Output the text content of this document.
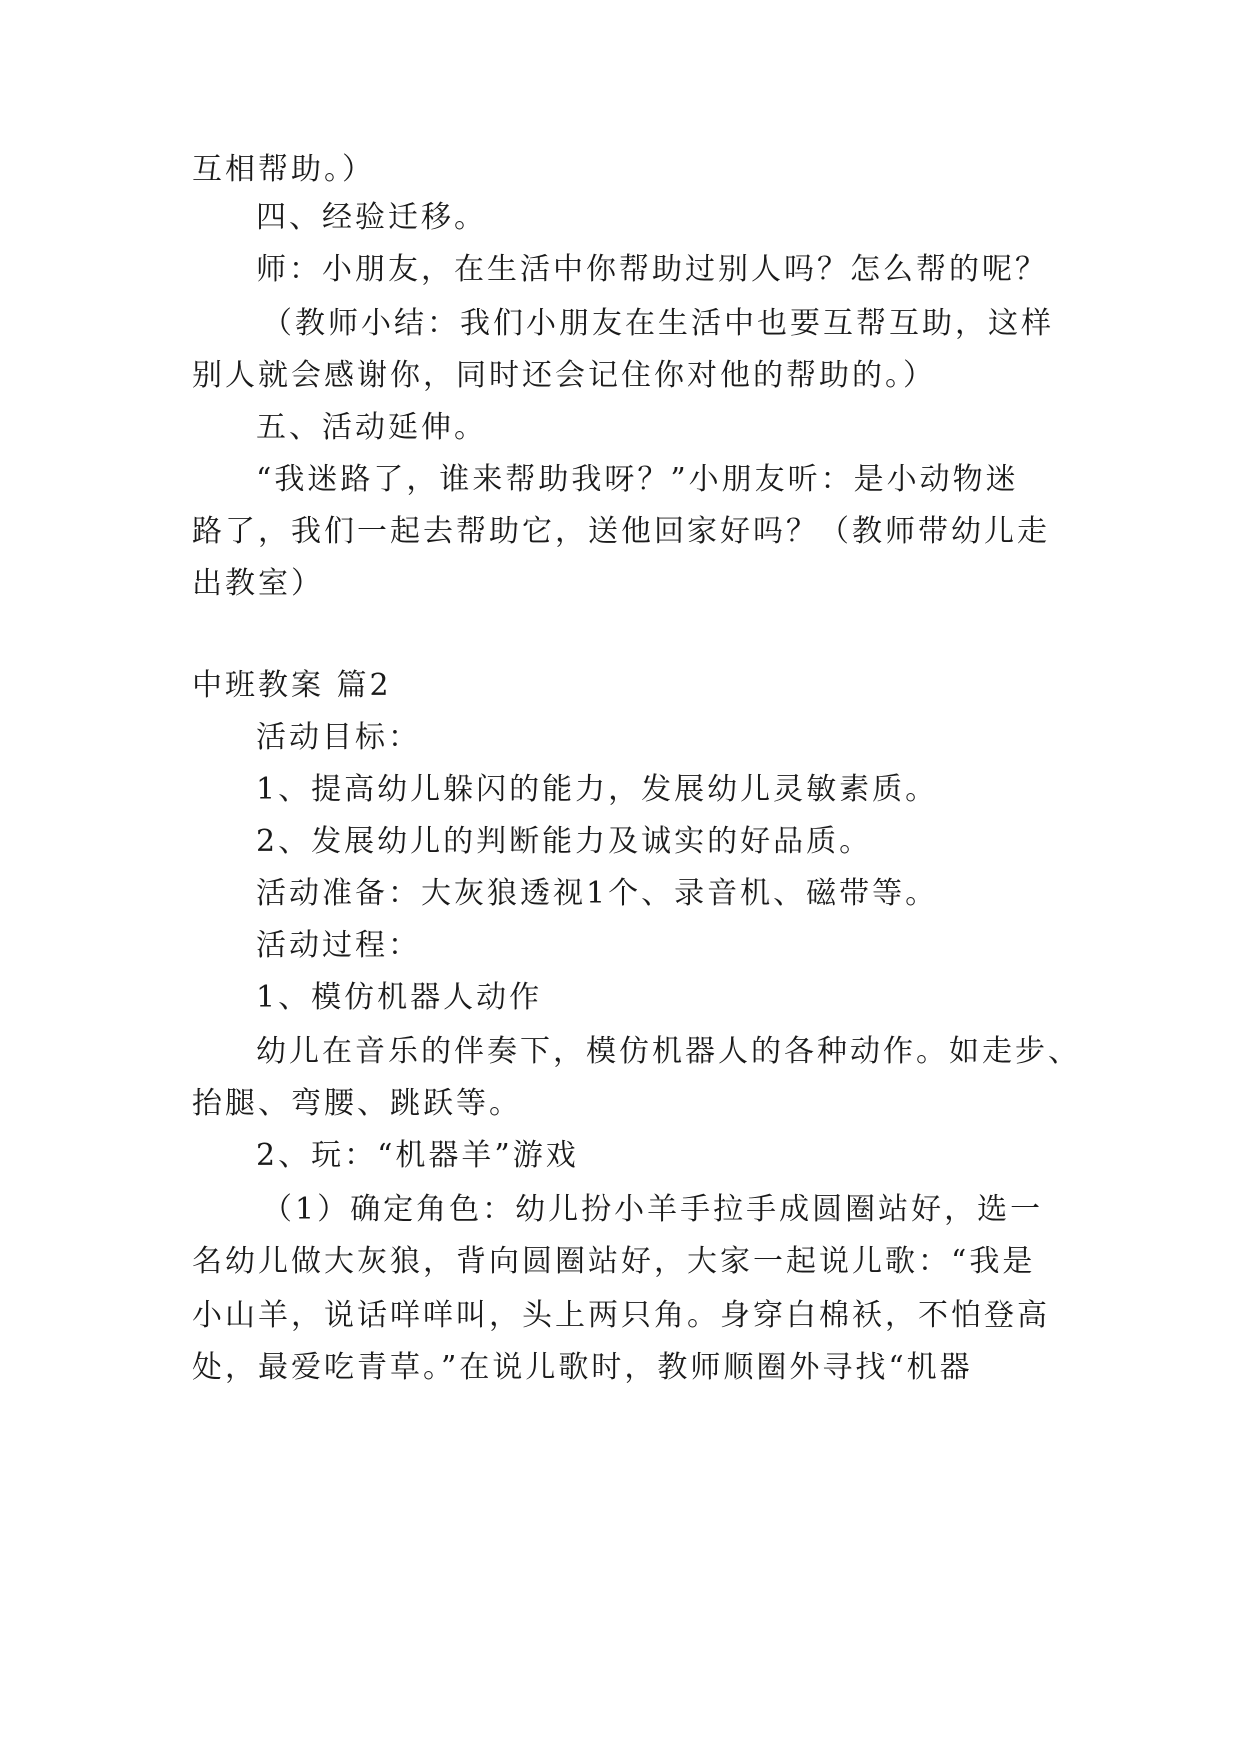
互相帮助。）
四、经验迁移。
师：小朋友，在生活中你帮助过别人吗？怎么帮的呢？
（教师小结：我们小朋友在生活中也要互帮互助，这样
别人就会感谢你，同时还会记住你对他的帮助的。）
五、活动延伸。
“我迷路了，谁来帮助我呀？”小朋友听：是小动物迷
路了，我们一起去帮助它，送他回家好吗？（教师带幼儿走
出教室）
中班教案 篇2
活动目标：
1、提高幼儿躲闪的能力，发展幼儿灵敏素质。
2、发展幼儿的判断能力及诚实的好品质。
活动准备：大灰狼透视1个、录音机、磁带等。
活动过程：
1、模仿机器人动作
幼儿在音乐的伴奏下，模仿机器人的各种动作。如走步、
抬腿、弯腰、跳跃等。
2、玩：“机器羊”游戏
（1）确定角色：幼儿扮小羊手拉手成圆圈站好，选一
名幼儿做大灰狼，背向圆圈站好，大家一起说儿歌：“我是
小山羊，说话咩咩叫，头上两只角。身穿白棉袄，不怕登高
处，最爱吃青草。”在说儿歌时，教师顺圈外寻找“机器
